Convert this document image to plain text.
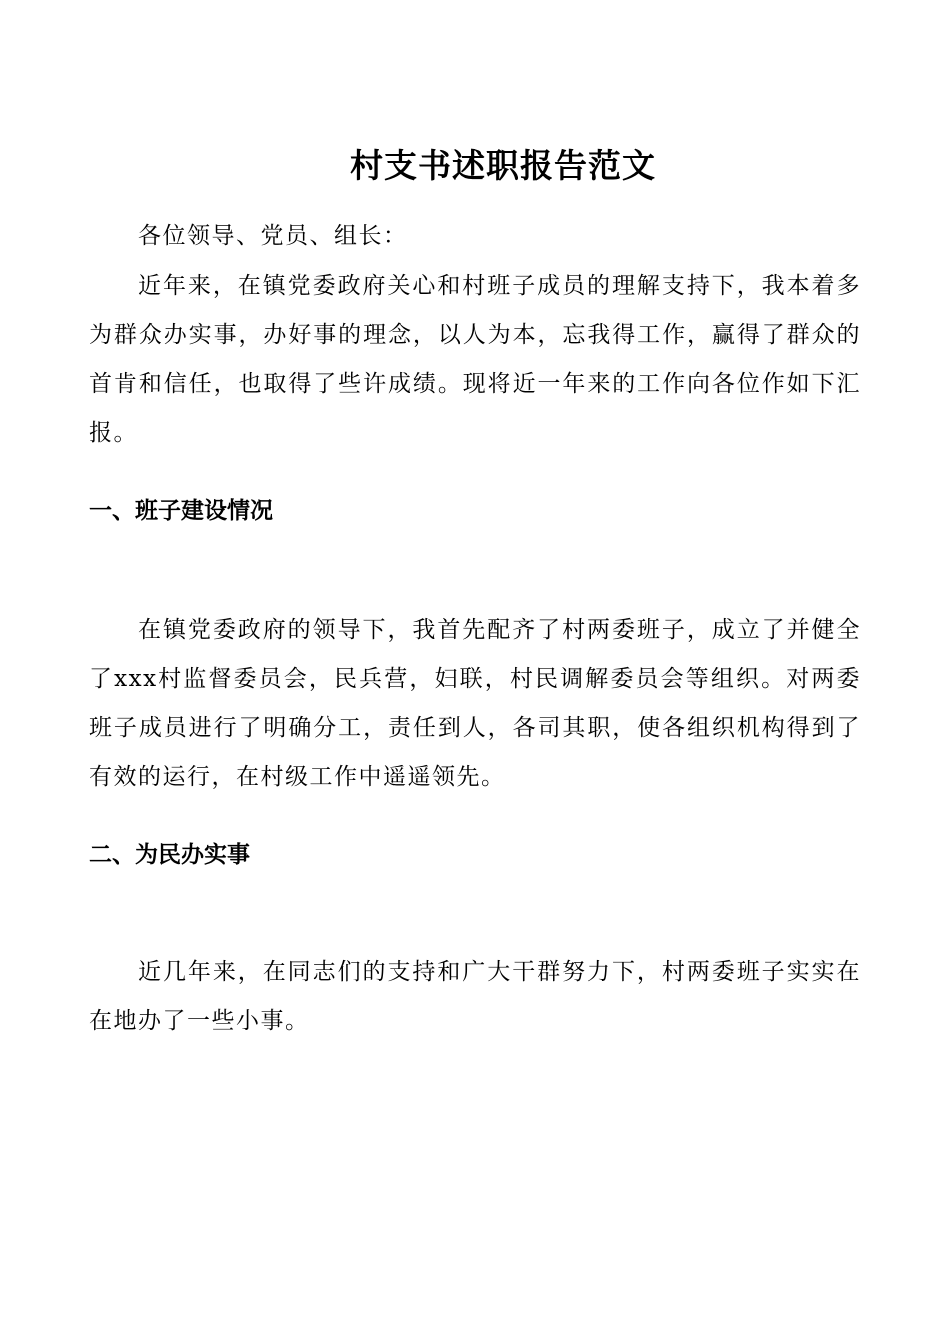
村支书述职报告范文
各位领导、党员、组长：
近年来，在镇党委政府关心和村班子成员的理解支持下，我本着多为群众办实事，办好事的理念，以人为本，忘我得工作，赢得了群众的首肯和信任，也取得了些许成绩。现将近一年来的工作向各位作如下汇报。
一、班子建设情况
在镇党委政府的领导下，我首先配齐了村两委班子，成立了并健全了xxx村监督委员会，民兵营，妇联，村民调解委员会等组织。对两委班子成员进行了明确分工，责任到人，各司其职，使各组织机构得到了有效的运行，在村级工作中遥遥领先。
二、为民办实事
近几年来，在同志们的支持和广大干群努力下，村两委班子实实在在地办了一些小事。
